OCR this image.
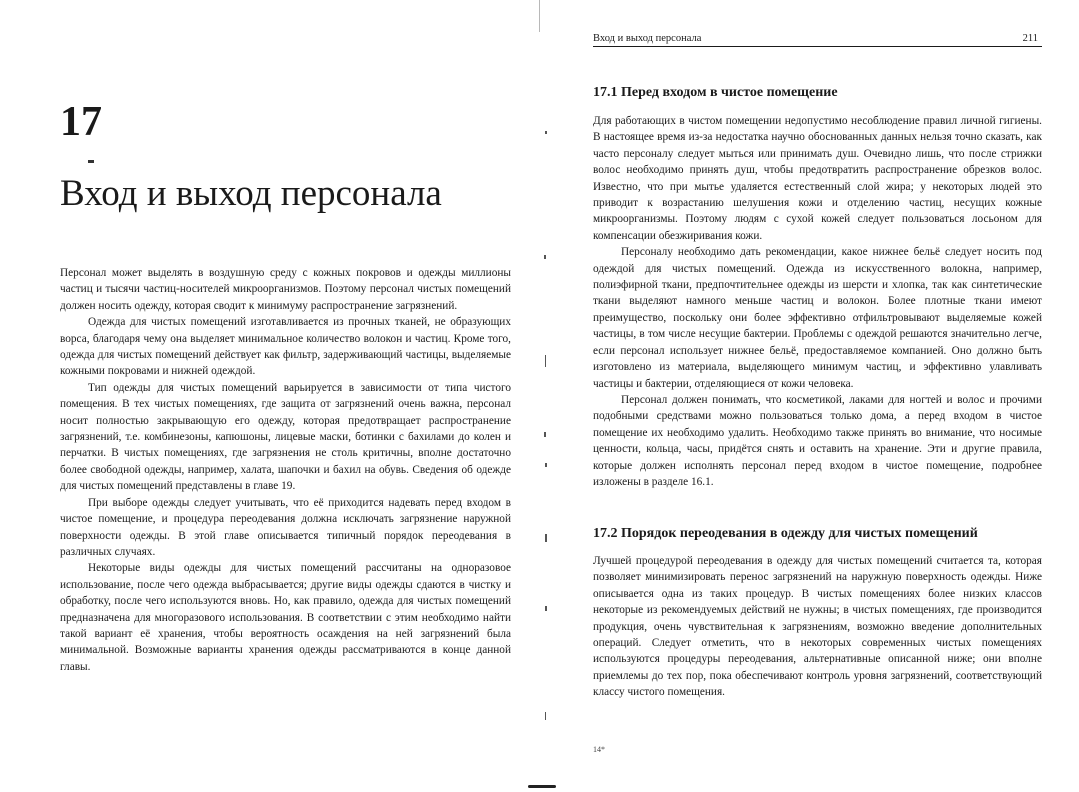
17
Вход и выход персонала

Персонал может выделять в воздушную среду с кожных покровов и одежды миллионы частиц и тысячи частиц-носителей микроорганизмов. Поэтому персонал чистых помещений должен носить одежду, которая сводит к минимуму распространение загрязнений.

Одежда для чистых помещений изготавливается из прочных тканей, не образующих ворса, благодаря чему она выделяет минимальное количество волокон и частиц. Кроме того, одежда для чистых помещений действует как фильтр, задерживающий частицы, выделяемые кожными покровами и нижней одеждой.

Тип одежды для чистых помещений варьируется в зависимости от типа чистого помещения. В тех чистых помещениях, где защита от загрязнений очень важна, персонал носит полностью закрывающую его одежду, которая предотвращает распространение загрязнений, т.е. комбинезоны, капюшоны, лицевые маски, ботинки с бахилами до колен и перчатки. В чистых помещениях, где загрязнения не столь критичны, вполне достаточно более свободной одежды, например, халата, шапочки и бахил на обувь. Сведения об одежде для чистых помещений представлены в главе 19.

При выборе одежды следует учитывать, что её приходится надевать перед входом в чистое помещение, и процедура переодевания должна исключать загрязнение наружной поверхности одежды. В этой главе описывается типичный порядок переодевания в различных случаях.

Некоторые виды одежды для чистых помещений рассчитаны на одноразовое использование, после чего одежда выбрасывается; другие виды одежды сдаются в чистку и обработку, после чего используются вновь. Но, как правило, одежда для чистых помещений предназначена для многоразового использования. В соответствии с этим необходимо найти такой вариант её хранения, чтобы вероятность осаждения на ней загрязнений была минимальной. Возможные варианты хранения одежды рассматриваются в конце данной главы.

Вход и выход персонала	211
17.1 Перед входом в чистое помещение

Для работающих в чистом помещении недопустимо несоблюдение правил личной гигиены. В настоящее время из-за недостатка научно обоснованных данных нельзя точно сказать, как часто персоналу следует мыться или принимать душ. Очевидно лишь, что после стрижки волос необходимо принять душ, чтобы предотвратить распространение обрезков волос. Известно, что при мытье удаляется естественный слой жира; у некоторых людей это приводит к возрастанию шелушения кожи и отделению частиц, несущих кожные микроорганизмы. Поэтому людям с сухой кожей следует пользоваться лосьоном для компенсации обезжиривания кожи.

Персоналу необходимо дать рекомендации, какое нижнее бельё следует носить под одеждой для чистых помещений. Одежда из искусственного волокна, например, полиэфирной ткани, предпочтительнее одежды из шерсти и хлопка, так как синтетические ткани выделяют намного меньше частиц и волокон. Более плотные ткани имеют преимущество, поскольку они более эффективно отфильтровывают выделяемые кожей частицы, в том числе несущие бактерии. Проблемы с одеждой решаются значительно легче, если персонал использует нижнее бельё, предоставляемое компанией. Оно должно быть изготовлено из материала, выделяющего минимум частиц, и эффективно улавливать частицы и бактерии, отделяющиеся от кожи человека.

Персонал должен понимать, что косметикой, лаками для ногтей и волос и прочими подобными средствами можно пользоваться только дома, а перед входом в чистое помещение их необходимо удалить. Необходимо также принять во внимание, что носимые ценности, кольца, часы, придётся снять и оставить на хранение. Эти и другие правила, которые должен исполнять персонал перед входом в чистое помещение, подробнее изложены в разделе 16.1.

17.2 Порядок переодевания в одежду для чистых помещений

Лучшей процедурой переодевания в одежду для чистых помещений считается та, которая позволяет минимизировать перенос загрязнений на наружную поверхность одежды. Ниже описывается одна из таких процедур. В чистых помещениях более низких классов некоторые из рекомендуемых действий не нужны; в чистых помещениях, где производится продукция, очень чувствительная к загрязнениям, возможно введение дополнительных операций. Следует отметить, что в некоторых современных чистых помещениях используются процедуры переодевания, альтернативные описанной ниже; они вполне приемлемы до тех пор, пока обеспечивают контроль уровня загрязнений, соответствующий классу чистого помещения.

14*
